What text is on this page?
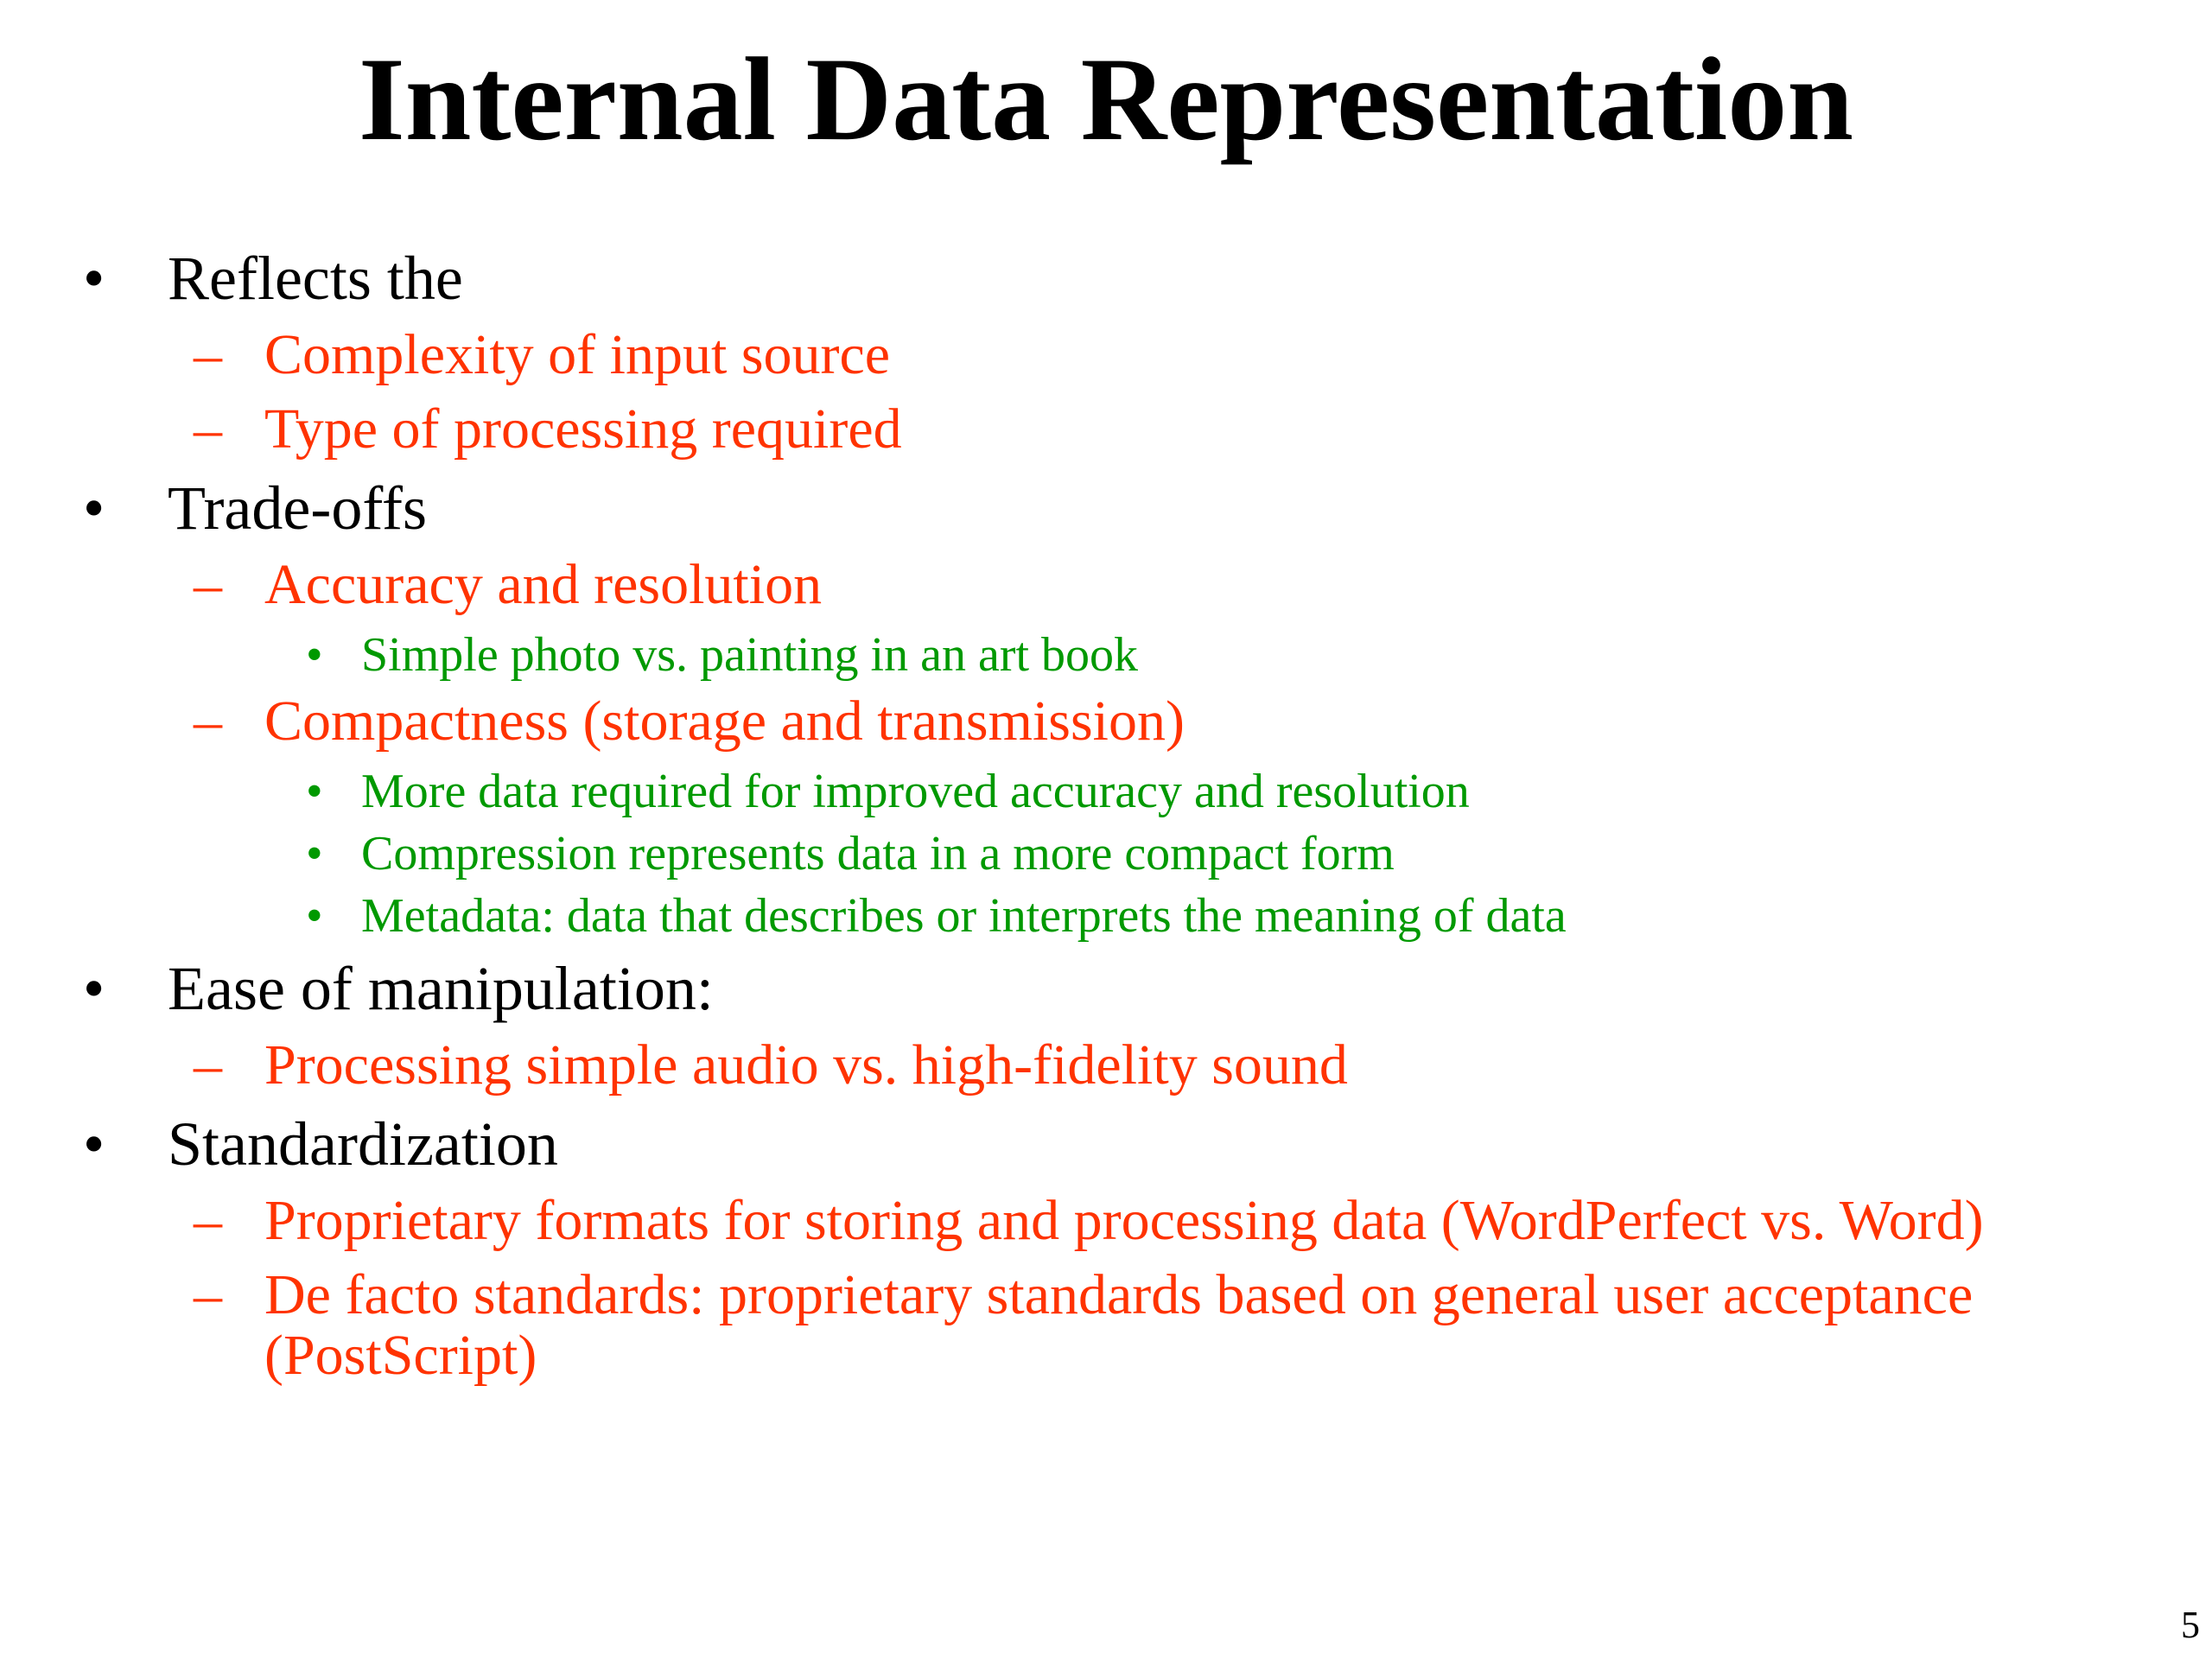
Internal Data Representation
• Reflects the
– Complexity of input source
– Type of processing required
• Trade-offs
– Accuracy and resolution
• Simple photo vs. painting in an art book
– Compactness (storage and transmission)
• More data required for improved accuracy and resolution
• Compression represents data in a more compact form
• Metadata: data that describes or interprets the meaning of data
• Ease of manipulation:
– Processing simple audio vs. high-fidelity sound
• Standardization
– Proprietary formats for storing and processing data (WordPerfect vs. Word)
– De facto standards: proprietary standards based on general user acceptance
(PostScript)
5
